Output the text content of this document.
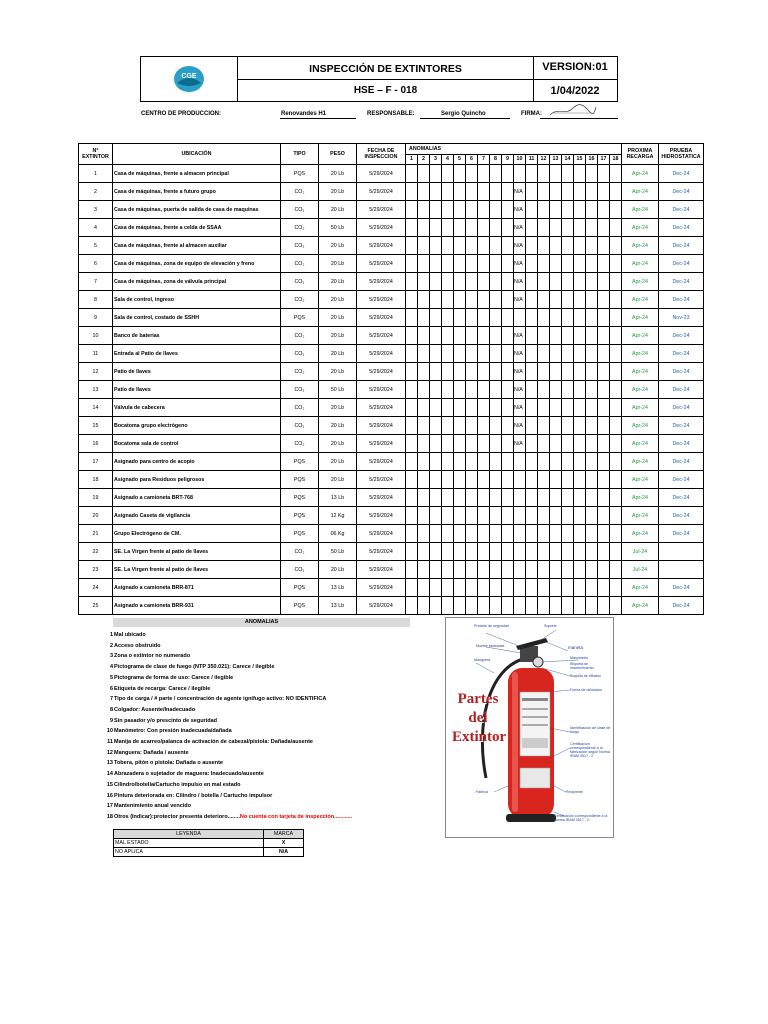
CGE
INSPECCIÓN DE EXTINTORES
HSE – F - 018
VERSION:01
1/04/2022
CENTRO DE PRODUCCION:	Renovandes H1	RESPONSABLE:	Sergio Quincho	FIRMA:
N° EXTINTOR	UBICACIÓN	TIPO	PESO	FECHA DE INSPECCION	ANOMALIAS																		PROXIMA RECARGA	PRUEBA HIDROSTATICA
					1	2	3	4	5	6	7	8	9	10	11	12	13	14	15	16	17	18		
1	Casa de máquinas, frente a almacen principal	PQS	20 Lb	5/29/2024																			Apr-24	Dec-24
2	Casa de máquinas, frente a futuro grupo	CO₂	20 Lb	5/29/2024										N/A									Apr-24	Dec-24
3	Casa de máquinas, puerta de salida de casa de maquinas	CO₂	20 Lb	5/29/2024										N/A									Apr-24	Dec-24
4	Casa de máquinas, frente a celda de SSAA	CO₂	50 Lb	5/29/2024										N/A									Apr-24	Dec-24
5	Casa de máquinas, frente al almacen auxiliar	CO₂	20 Lb	5/29/2024										N/A									Apr-24	Dec-24
6	Casa de máquinas, zona de equipo de elevación y freno	CO₂	20 Lb	5/29/2024										N/A									Apr-24	Dec-24
7	Casa de máquinas, zona de válvula principal	CO₂	20 Lb	5/29/2024										N/A									Apr-24	Dec-24
8	Sala de control, ingreso	CO₂	20 Lb	5/29/2024										N/A									Apr-24	Dec-24
9	Sala de control, costado de SSHH	PQS	20 Lb	5/29/2024																			Apr-24	Nov-23
10	Banco de baterias	CO₂	20 Lb	5/29/2024										N/A									Apr-24	Dec-24
11	Entrada al Patio de llaves	CO₂	20 Lb	5/29/2024										N/A									Apr-24	Dec-24
12	Patio de llaves	CO₂	20 Lb	5/29/2024										N/A									Apr-24	Dec-24
13	Patio de llaves	CO₂	50 Lb	5/29/2024										N/A									Apr-24	Dec-24
14	Válvula de cabecera	CO₂	20 Lb	5/29/2024										N/A									Apr-24	Dec-24
15	Bocatoma grupo electrógeno	CO₂	20 Lb	5/29/2024										N/A									Apr-24	Dec-24
16	Bocatoma sala de control	CO₂	20 Lb	5/29/2024										N/A									Apr-24	Dec-24
17	Asignado para centro de acopio	PQS	20 Lb	5/29/2024																			Apr-24	Dec-24
18	Asignado para Residuos peligrosos	PQS	20 Lb	5/29/2024																			Apr-24	Dec-24
19	Asignado a camioneta BRT-768	PQS	13 Lb	5/29/2024																			Apr-24	Dec-24
20	Asignado Caseta de vigilancia	PQS	12 Kg	5/29/2024																			Apr-24	Dec-24
21	Grupo Electrógeno de CM.	PQS	06 Kg	5/29/2024																			Apr-24	Dec-24
22	SE. La Virgen frente al patio de llaves	CO₂	50 Lb	5/29/2024																			Jul-24	
23	SE. La Virgen frente al patio de llaves	CO₂	20 Lb	5/29/2024																			Jul-24	
24	Asignado a camioneta BRR-871	PQS	13 Lb	5/29/2024																			Apr-24	Dec-24
25	Asignado a camioneta BRR-931	PQS	13 Lb	5/29/2024																			Apr-24	Dec-24
ANOMALIAS
1Mal ubicado
2Acceso obstruido
3Zona o extintor no numerado
4Pictograma de clase de fuego (NTP 350.021): Carece / ilegible
5Pictograma de forma de uso: Carece / ilegible
6Etiqueta de recarga: Carece / ilegible
7Tipo de carga / # parte / concentración de agente ignífugo activo: NO IDENTIFICA
8Colgador: Ausente/Inadecuado
9Sin pasador y/o prescinto de seguridad
10Manómetro: Con presión inadecuada/dañada
11Manija de acarreo/palanca de activación de cabezal/pistola: Dañada/ausente
12Manguera: Dañada / ausente
13Tobera, pitón o pistola: Dañada o ausente
14Abrazadera o sujetador de maguera: Inadecuado/ausente
15Cilindro/botella/Cartucho impulso en mal estado
16Pintura deteriorada en: Cilindro / botella / Cartucho impulsor
17Mantenimiento anual vencido
18Otros (Indicar):protector presenta deterioro........No cuenta con tarjeta de inspección............
LEYENDA	MARCA
MAL ESTADO	X
NO APLICA	N/A
Partes
del
Extintor
Precinto de seguridad
Mueble baricadas
Manguera
Soporte
maneta
Manómetro
Etiqueta de mantenimiento
Boquilla de difusión
Forma de utilización
Identificación de clase de fuego
Certificación correspondiente a la fabricación según Norma IRAM 3517 - 2
Fabrica	Recipiente
Certificación correspondiente a la Norma IRAM 3517 - 2
